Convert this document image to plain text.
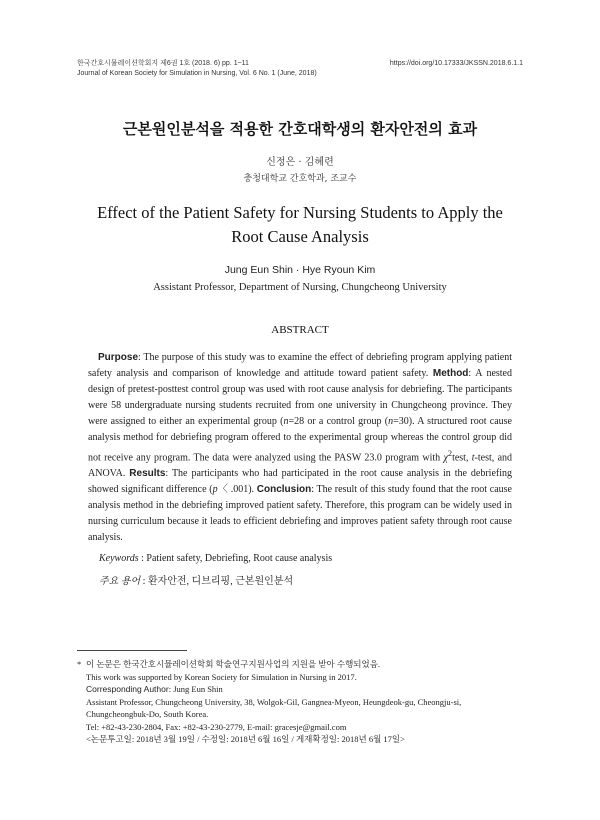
한국간호시뮬레이션학회지 제6권 1호 (2018. 6) pp. 1~11
Journal of Korean Society for Simulation in Nursing, Vol. 6 No. 1 (June, 2018)
https://doi.org/10.17333/JKSSN.2018.6.1.1
근본원인분석을 적용한 간호대학생의 환자안전의 효과
신정은 · 김혜련
충청대학교 간호학과, 조교수
Effect of the Patient Safety for Nursing Students to Apply the
Root Cause Analysis
Jung Eun Shin · Hye Ryoun Kim
Assistant Professor, Department of Nursing, Chungcheong University
ABSTRACT

Purpose: The purpose of this study was to examine the effect of debriefing program applying patient safety analysis and comparison of knowledge and attitude toward patient safety. Method: A nested design of pretest-posttest control group was used with root cause analysis for debriefing. The participants were 58 undergraduate nursing students recruited from one university in Chungcheong province. They were assigned to either an experimental group (n=28 or a control group (n=30). A structured root cause analysis method for debriefing program offered to the experimental group whereas the control group did not receive any program. The data were analyzed using the PASW 23.0 program with $\chi^2test$, t-test, and ANOVA. Results: The participants who had participated in the root cause analysis in the debriefing showed significant difference (p〈 .001). Conclusion: The result of this study found that the root cause analysis method in the debriefing improved patient safety. Therefore, this program can be widely used in nursing curriculum because it leads to efficient debriefing and improves patient safety through root cause analysis.

Keywords : Patient safety, Debriefing, Root cause analysis
주요 용어 : 환자안전, 디브리핑, 근본원인분석
* 이 논문은 한국간호시뮬레이션학회 학술연구지원사업의 지원을 받아 수행되었음.
This work was supported by Korean Society for Simulation in Nursing in 2017.
Corresponding Author: Jung Eun Shin
Assistant Professor, Chungcheong University, 38, Wolgok-Gil, Gangnea-Myeon, Heungdeok-gu, Cheongju-si,
Chungcheongbuk-Do, South Korea.
Tel: +82-43-230-2804, Fax: +82-43-230-2779, E-mail: gracesje@gmail.com
<논문투고일: 2018년 3월 19일 / 수정일: 2018년 6월 16일 / 게재확정일: 2018년 6월 17일>
